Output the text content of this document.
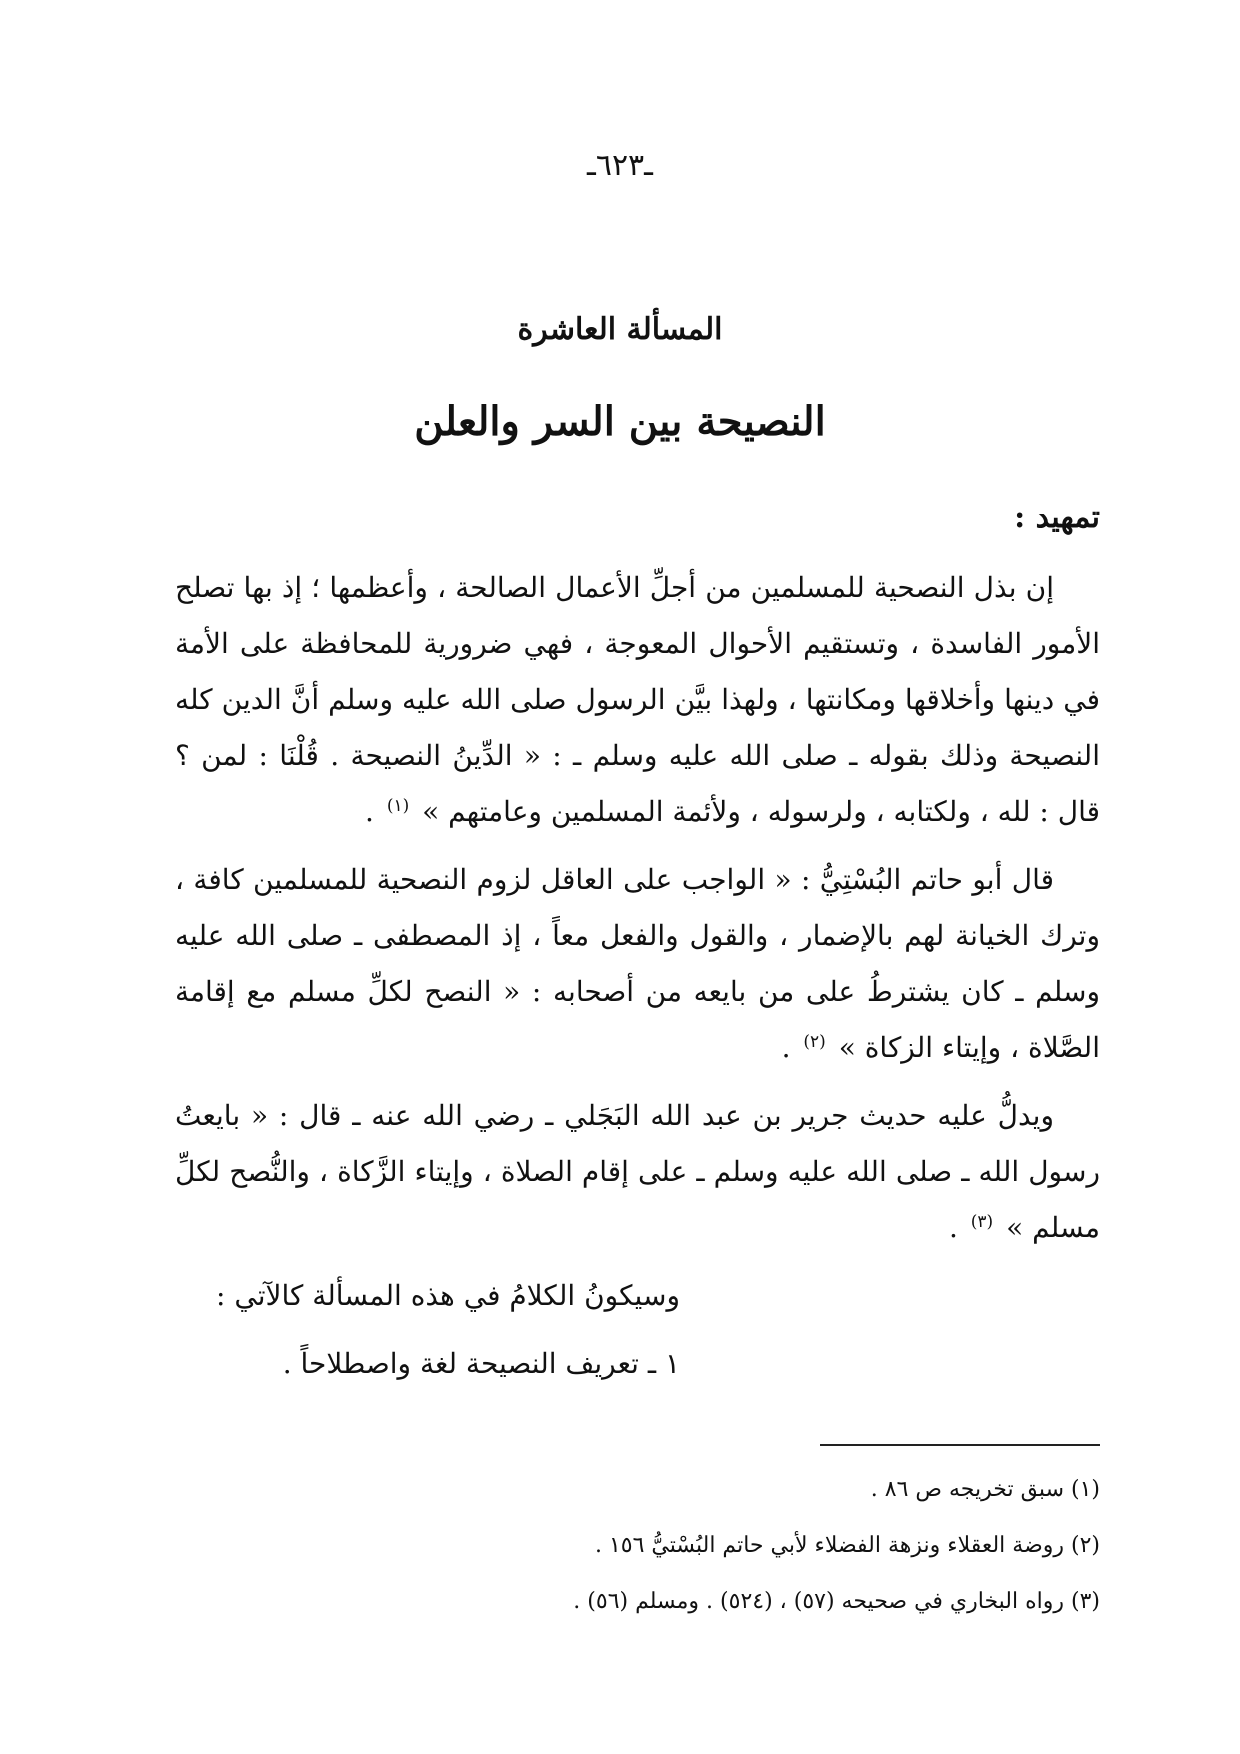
ـ٦٢٣ـ
المسألة العاشرة
النصيحة بين السر والعلن
تمهيد :

إن بذل النصحية للمسلمين من أجلِّ الأعمال الصالحة ، وأعظمها ؛ إذ بها تصلح الأمور الفاسدة ، وتستقيم الأحوال المعوجة ، فهي ضرورية للمحافظة على الأمة في دينها وأخلاقها ومكانتها ، ولهذا بيَّن الرسول صلى الله عليه وسلم أنَّ الدين كله النصيحة وذلك بقوله ـ صلى الله عليه وسلم ـ : « الدِّينُ النصيحة . قُلْنَا : لمن ؟ قال : لله ، ولكتابه ، ولرسوله ، ولأئمة المسلمين وعامتهم » $^{(١)}$ .

قال أبو حاتم البُسْتِيُّ : « الواجب على العاقل لزوم النصحية للمسلمين كافة ، وترك الخيانة لهم بالإضمار ، والقول والفعل معاً ، إذ المصطفى ـ صلى الله عليه وسلم ـ كان يشترطُ على من بايعه من أصحابه : « النصح لكلِّ مسلم مع إقامة الصَّلاة ، وإيتاء الزكاة » $^{(٢)}$ .

ويدلُّ عليه حديث جرير بن عبد الله البَجَلي ـ رضي الله عنه ـ قال : « بايعتُ رسول الله ـ صلى الله عليه وسلم ـ على إقام الصلاة ، وإيتاء الزَّكاة ، والنُّصح لكلِّ مسلم » $^{(٣)}$ .

وسيكونُ الكلامُ في هذه المسألة كالآتي :

١ ـ تعريف النصيحة لغة واصطلاحاً .

(١) سبق تخريجه ص ٨٦ .

(٢) روضة العقلاء ونزهة الفضلاء لأبي حاتم البُسْتيُّ ١٥٦ .

(٣) رواه البخاري في صحيحه (٥٧) ، (٥٢٤) . ومسلم (٥٦) .
